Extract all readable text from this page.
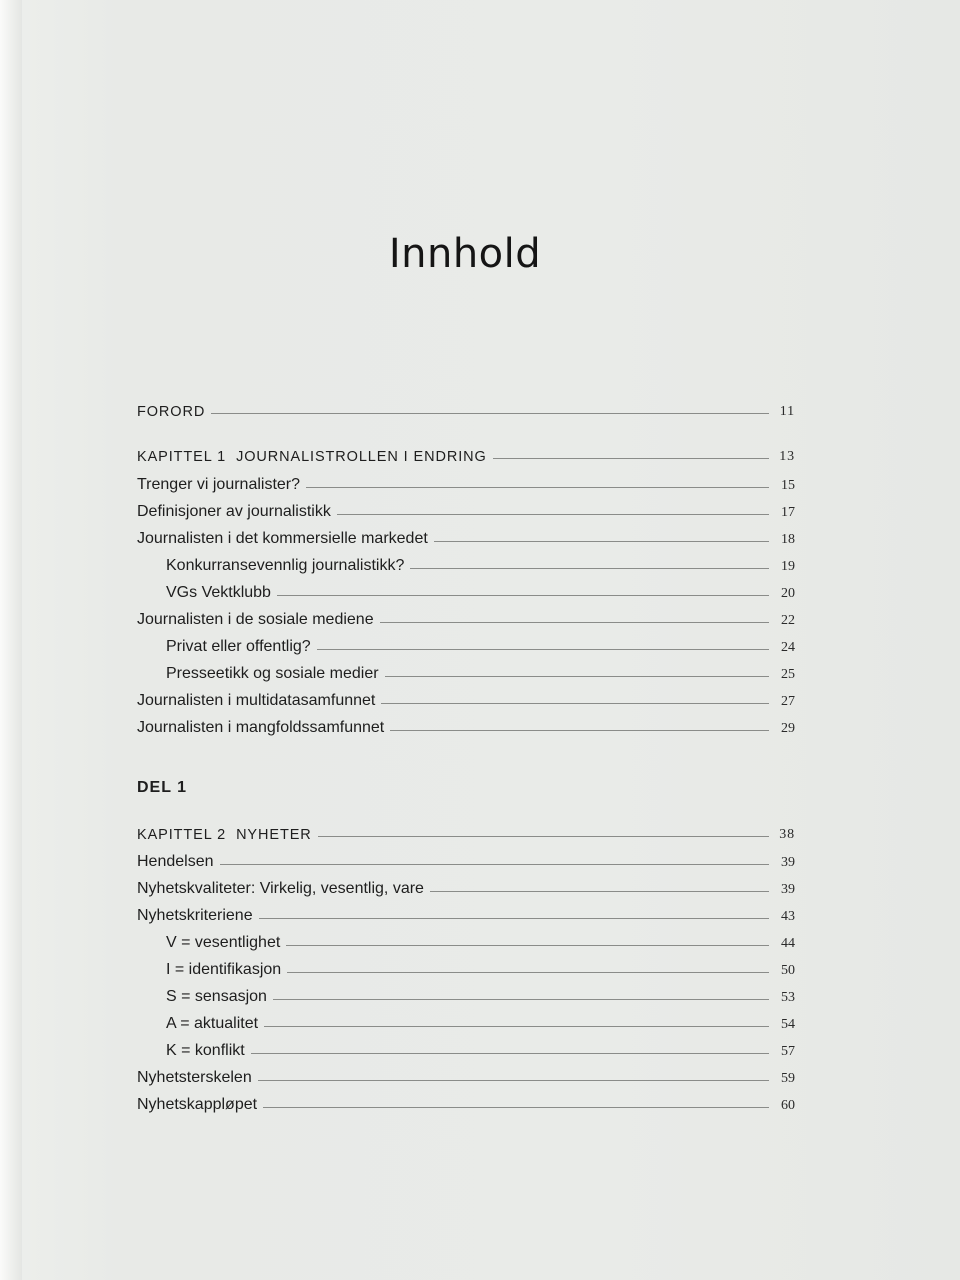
Innhold
FORORD	11
KAPITTEL 1 JOURNALISTROLLEN I ENDRING	13
Trenger vi journalister?	15
Definisjoner av journalistikk	17
Journalisten i det kommersielle markedet	18
Konkurransevennlig journalistikk?	19
VGs Vektklubb	20
Journalisten i de sosiale mediene	22
Privat eller offentlig?	24
Presseetikk og sosiale medier	25
Journalisten i multidatasamfunnet	27
Journalisten i mangfoldssamfunnet	29
DEL 1
KAPITTEL 2 NYHETER	38
Hendelsen	39
Nyhetskvaliteter: Virkelig, vesentlig, vare	39
Nyhetskriteriene	43
V = vesentlighet	44
I = identifikasjon	50
S = sensasjon	53
A = aktualitet	54
K = konflikt	57
Nyhetsterskelen	59
Nyhetskappløpet	60
